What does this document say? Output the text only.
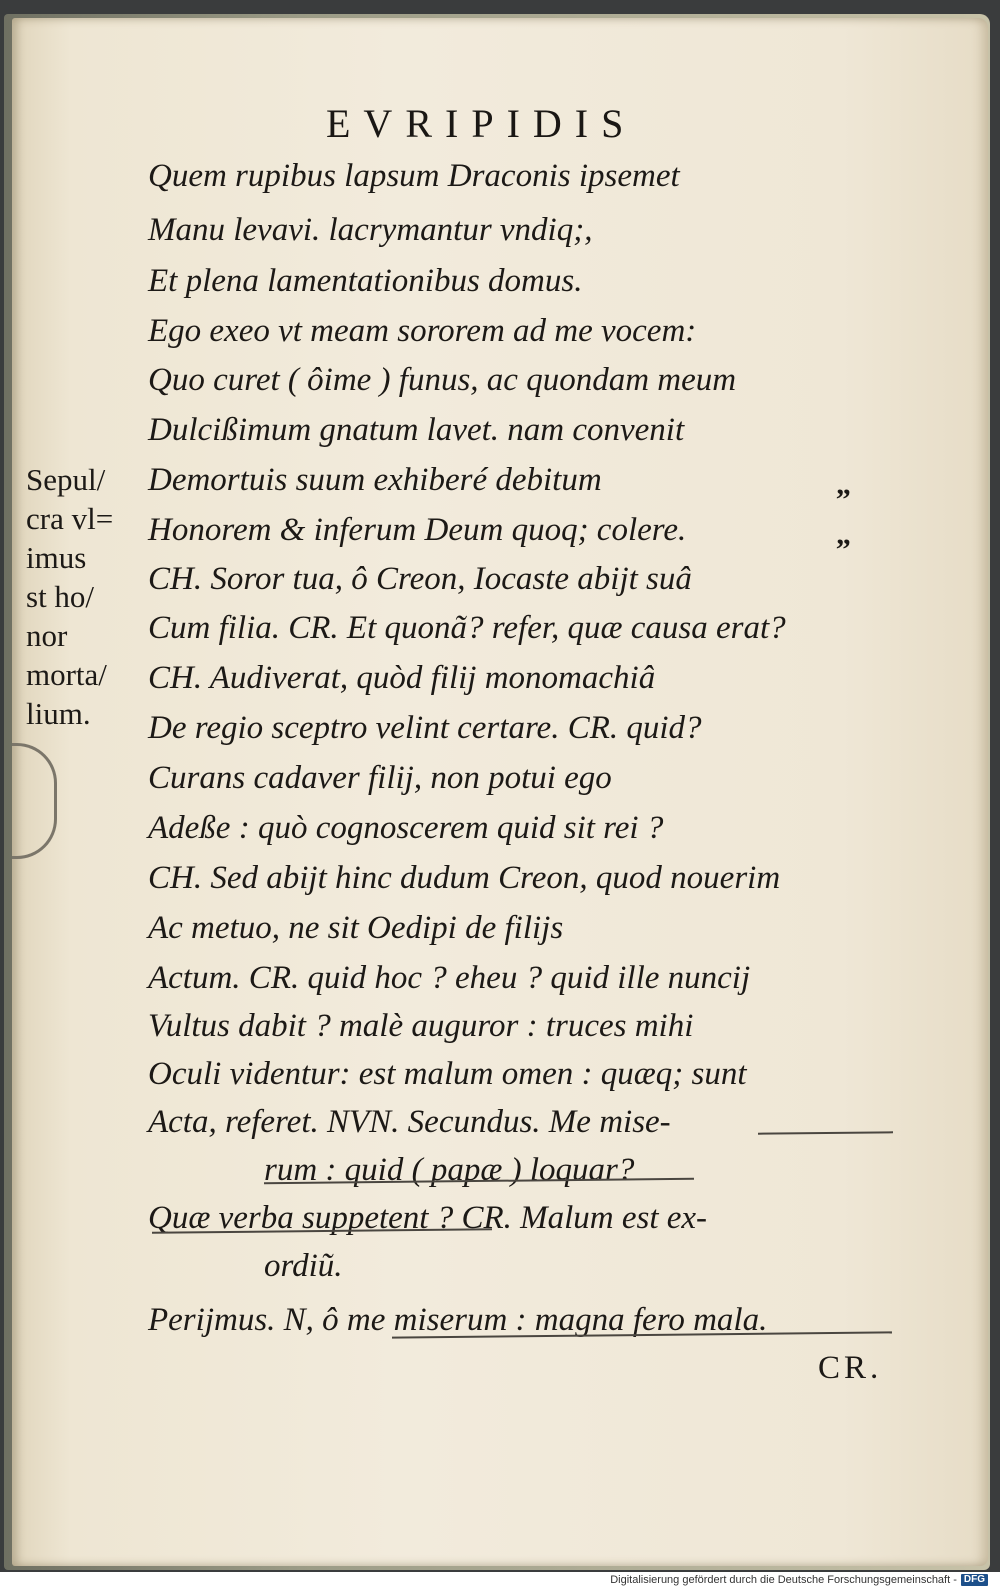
EVRIPIDIS
Sepul/
cra vl=
imus
st ho/
nor
morta/
lium.
Quem rupibus lapsum Draconis ipsemet
Manu levavi. lacrymantur vndiq;,
Et plena lamentationibus domus.
Ego exeo vt meam sororem ad me vocem:
Quo curet ( ôime ) funus, ac quondam meum
Dulcißimum gnatum lavet. nam convenit
Demortuis suum exhiberé debitum
Honorem & inferum Deum quoq; colere.
CH. Soror tua, ô Creon, Iocaste abijt suâ
Cum filia. CR. Et quonã? refer, quæ causa erat?
CH. Audiverat, quòd filij monomachiâ
De regio sceptro velint certare. CR. quid?
Curans cadaver filij, non potui ego
Adeße : quò cognoscerem quid sit rei ?
CH. Sed abijt hinc dudum Creon, quod nouerim
Ac metuo, ne sit Oedipi de filijs
Actum. CR. quid hoc ? eheu ? quid ille nuncij
Vultus dabit ? malè auguror : truces mihi
Oculi videntur: est malum omen : quæq; sunt
Acta, referet. NVN. Secundus. Me mise-
rum : quid ( papæ ) loquar?
Quæ verba suppetent ? CR. Malum est ex-
ordiũ.
Perijmus. N, ô me miserum : magna fero mala.
CR.
„
„
Digitalisierung gefördert durch die Deutsche Forschungsgemeinschaft - DFG
